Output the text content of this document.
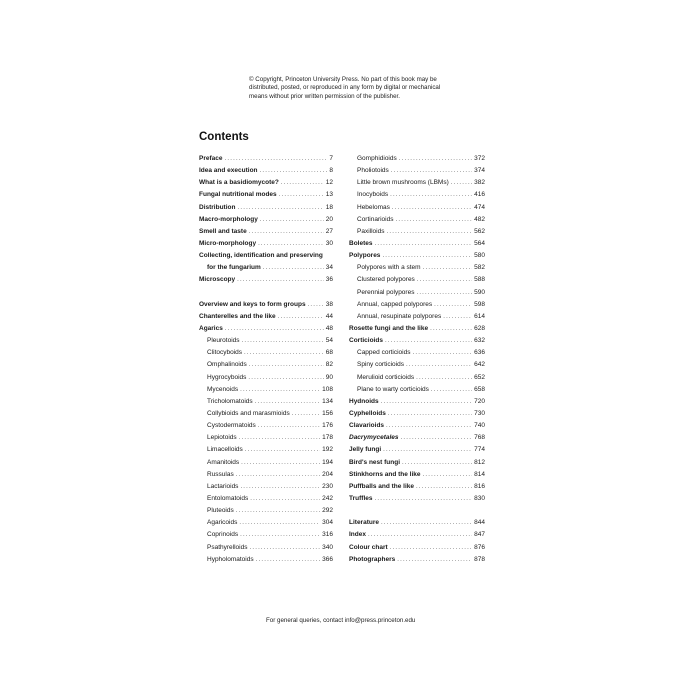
© Copyright, Princeton University Press. No part of this book may be
distributed, posted, or reproduced in any form by digital or mechanical
means without prior written permission of the publisher.
Contents
Preface .....	7
Idea and execution .....	8
What is a basidiomycote? .....	12
Fungal nutritional modes .....	13
Distribution .....	18
Macro-morphology .....	20
Smell and taste .....	27
Micro-morphology .....	30
Collecting, identification and preserving
for the fungarium .....	34
Microscopy .....	36
Overview and keys to form groups .....	38
Chanterelles and the like .....	44
Agarics .....	48
Pleurotoids .....	54
Clitocyboids .....	68
Omphalinoids .....	82
Hygrocyboids .....	90
Mycenoids .....	108
Tricholomatoids .....	134
Collybioids and marasmioids .....	156
Cystodermatoids .....	176
Lepiotoids .....	178
Limacelloids .....	192
Amanitoids .....	194
Russulas .....	204
Lactarioids .....	230
Entolomatoids .....	242
Pluteoids .....	292
Agaricoids .....	304
Coprinoids .....	316
Psathyrelloids .....	340
Hypholomatoids .....	366
Gomphidioids .....	372
Pholiotoids .....	374
Little brown mushrooms (LBMs) .....	382
Inocyboids .....	416
Hebelomas .....	474
Cortinarioids .....	482
Paxilloids .....	562
Boletes .....	564
Polypores .....	580
Polypores with a stem .....	582
Clustered polypores .....	588
Perennial polypores .....	590
Annual, capped polypores .....	598
Annual, resupinate polypores .....	614
Rosette fungi and the like .....	628
Corticioids .....	632
Capped corticioids .....	636
Spiny corticioids .....	642
Merulioid corticioids .....	652
Plane to warty corticioids .....	658
Hydnoids .....	720
Cyphelloids .....	730
Clavarioids .....	740
Dacrymycetales .....	768
Jelly fungi .....	774
Bird's nest fungi .....	812
Stinkhorns and the like .....	814
Puffballs and the like .....	816
Truffles .....	830
Literature .....	844
Index .....	847
Colour chart .....	876
Photographers .....	878
For general queries, contact info@press.princeton.edu
